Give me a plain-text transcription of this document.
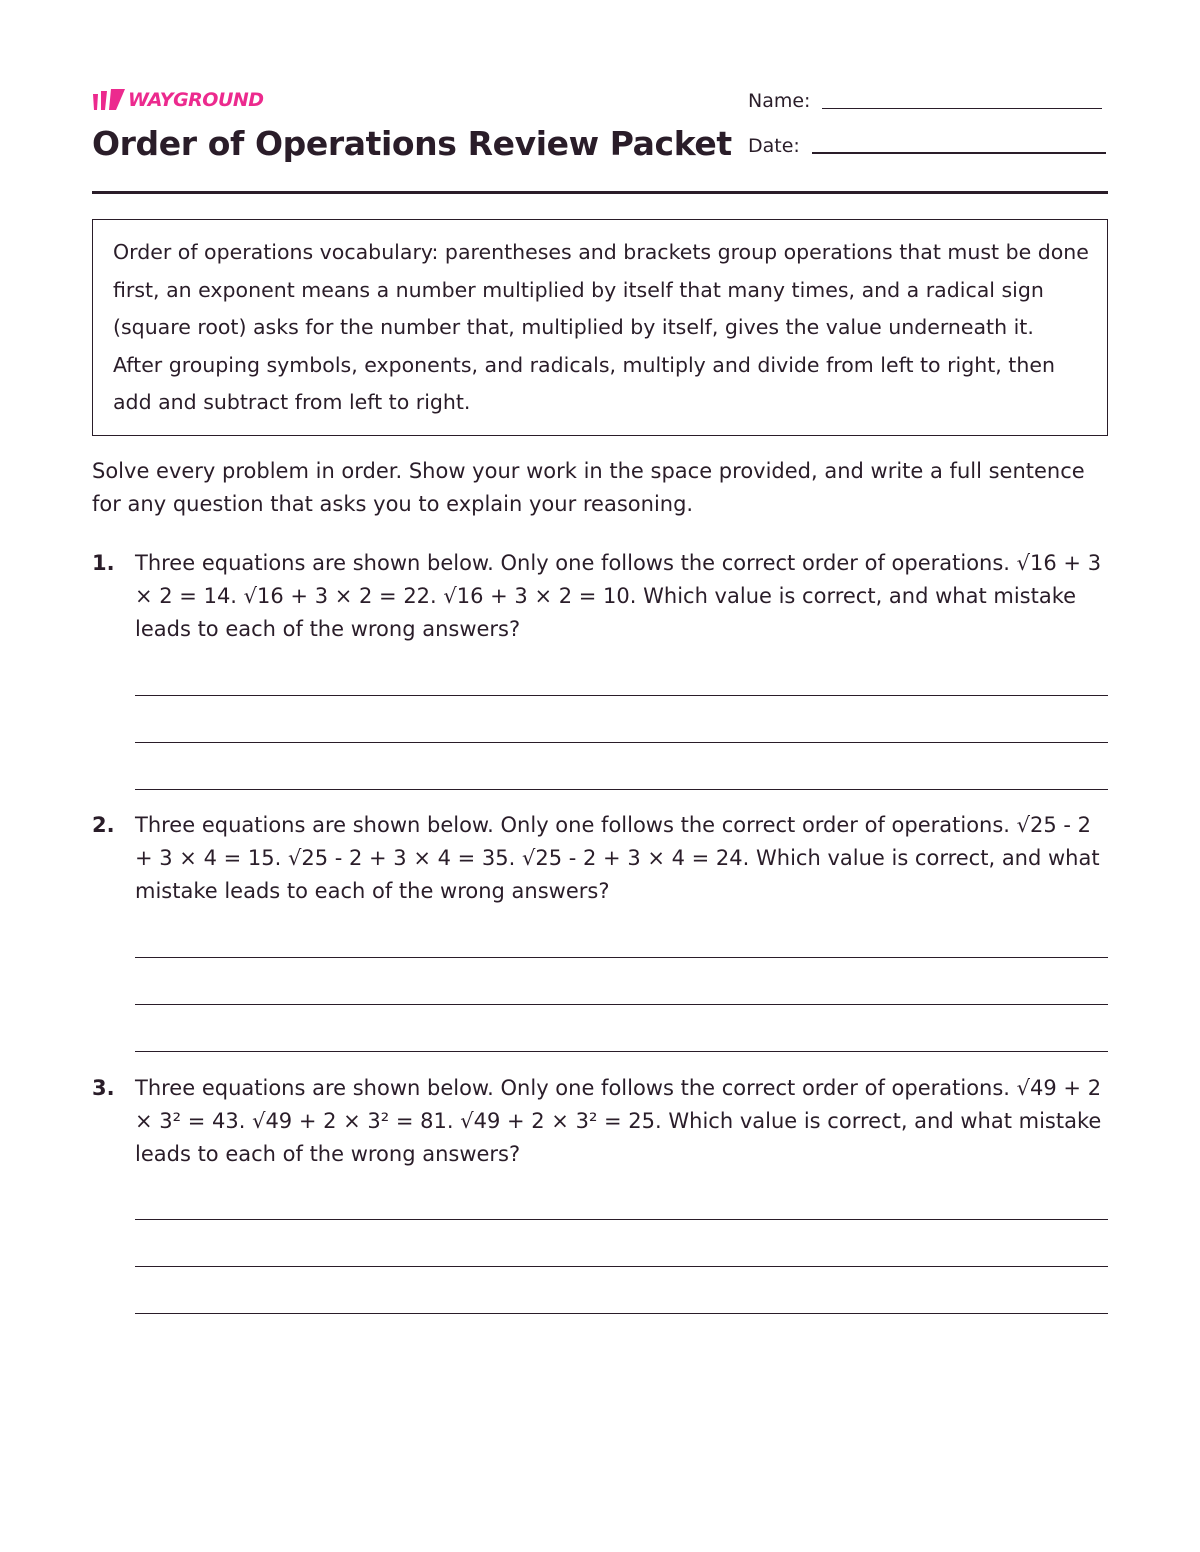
WAYGROUND
Order of Operations Review Packet
Name:
Date:
Order of operations vocabulary: parentheses and brackets group operations that must be done first, an exponent means a number multiplied by itself that many times, and a radical sign (square root) asks for the number that, multiplied by itself, gives the value underneath it. After grouping symbols, exponents, and radicals, multiply and divide from left to right, then add and subtract from left to right.

Solve every problem in order. Show your work in the space provided, and write a full sentence for any question that asks you to explain your reasoning.

1. Three equations are shown below. Only one follows the correct order of operations. √16 + 3 × 2 = 14. √16 + 3 × 2 = 22. √16 + 3 × 2 = 10. Which value is correct, and what mistake leads to each of the wrong answers?

2. Three equations are shown below. Only one follows the correct order of operations. √25 - 2 + 3 × 4 = 15. √25 - 2 + 3 × 4 = 35. √25 - 2 + 3 × 4 = 24. Which value is correct, and what mistake leads to each of the wrong answers?

3. Three equations are shown below. Only one follows the correct order of operations. √49 + 2 × 3² = 43. √49 + 2 × 3² = 81. √49 + 2 × 3² = 25. Which value is correct, and what mistake leads to each of the wrong answers?
